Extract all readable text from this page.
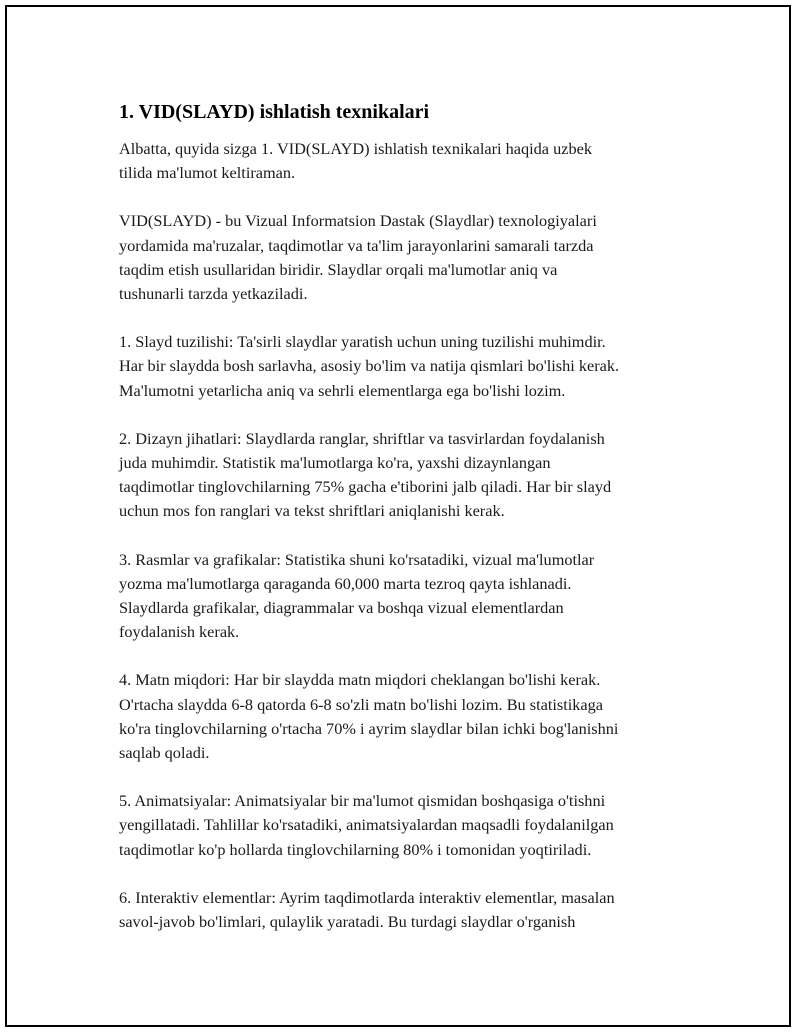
1. VID(SLAYD) ishlatish texnikalari
Albatta, quyida sizga 1. VID(SLAYD) ishlatish texnikalari haqida uzbek
tilida ma'lumot keltiraman.
VID(SLAYD) - bu Vizual Informatsion Dastak (Slaydlar) texnologiyalari
yordamida ma'ruzalar, taqdimotlar va ta'lim jarayonlarini samarali tarzda
taqdim etish usullaridan biridir. Slaydlar orqali ma'lumotlar aniq va
tushunarli tarzda yetkaziladi.
1. Slayd tuzilishi: Ta'sirli slaydlar yaratish uchun uning tuzilishi muhimdir.
Har bir slaydda bosh sarlavha, asosiy bo'lim va natija qismlari bo'lishi kerak.
Ma'lumotni yetarlicha aniq va sehrli elementlarga ega bo'lishi lozim.
2. Dizayn jihatlari: Slaydlarda ranglar, shriftlar va tasvirlardan foydalanish
juda muhimdir. Statistik ma'lumotlarga ko'ra, yaxshi dizaynlangan
taqdimotlar tinglovchilarning 75% gacha e'tiborini jalb qiladi. Har bir slayd
uchun mos fon ranglari va tekst shriftlari aniqlanishi kerak.
3. Rasmlar va grafikalar: Statistika shuni ko'rsatadiki, vizual ma'lumotlar
yozma ma'lumotlarga qaraganda 60,000 marta tezroq qayta ishlanadi.
Slaydlarda grafikalar, diagrammalar va boshqa vizual elementlardan
foydalanish kerak.
4. Matn miqdori: Har bir slaydda matn miqdori cheklangan bo'lishi kerak.
O'rtacha slaydda 6-8 qatorda 6-8 so'zli matn bo'lishi lozim. Bu statistikaga
ko'ra tinglovchilarning o'rtacha 70% i ayrim slaydlar bilan ichki bog'lanishni
saqlab qoladi.
5. Animatsiyalar: Animatsiyalar bir ma'lumot qismidan boshqasiga o'tishni
yengillatadi. Tahlillar ko'rsatadiki, animatsiyalardan maqsadli foydalanilgan
taqdimotlar ko'p hollarda tinglovchilarning 80% i tomonidan yoqtiriladi.
6. Interaktiv elementlar: Ayrim taqdimotlarda interaktiv elementlar, masalan
savol-javob bo'limlari, qulaylik yaratadi. Bu turdagi slaydlar o'rganish
